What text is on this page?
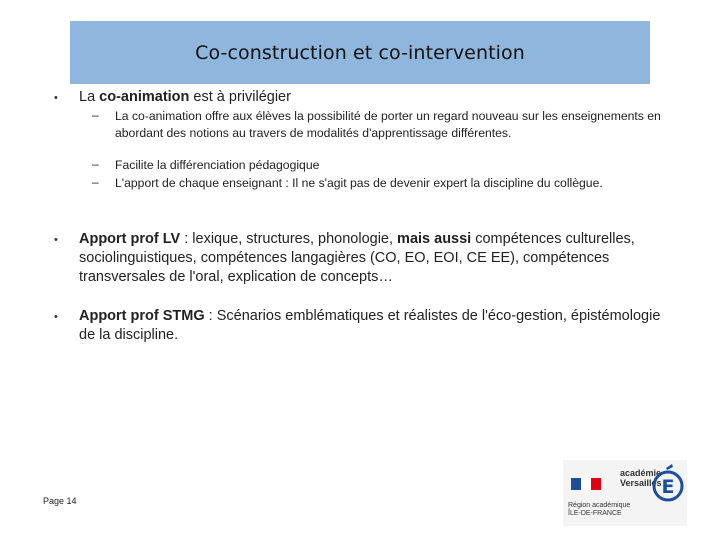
Co-construction et co-intervention
• La co-animation est à privilégier
– La co-animation offre aux élèves la possibilité de porter un regard nouveau sur les enseignements en abordant des notions au travers de modalités d'apprentissage différentes.
– Facilite la différenciation pédagogique
– L'apport de chaque enseignant : Il ne s'agit pas de devenir expert la discipline du collègue.
• Apport prof LV : lexique, structures, phonologie, mais aussi compétences culturelles, sociolinguistiques, compétences langagières (CO, EO, EOI, CE EE), compétences transversales de l'oral, explication de concepts…
• Apport prof STMG : Scénarios emblématiques et réalistes de l'éco-gestion, épistémologie de la discipline.
Page 14
académie
Versailles E
Région académique
ÎLE-DE-FRANCE
